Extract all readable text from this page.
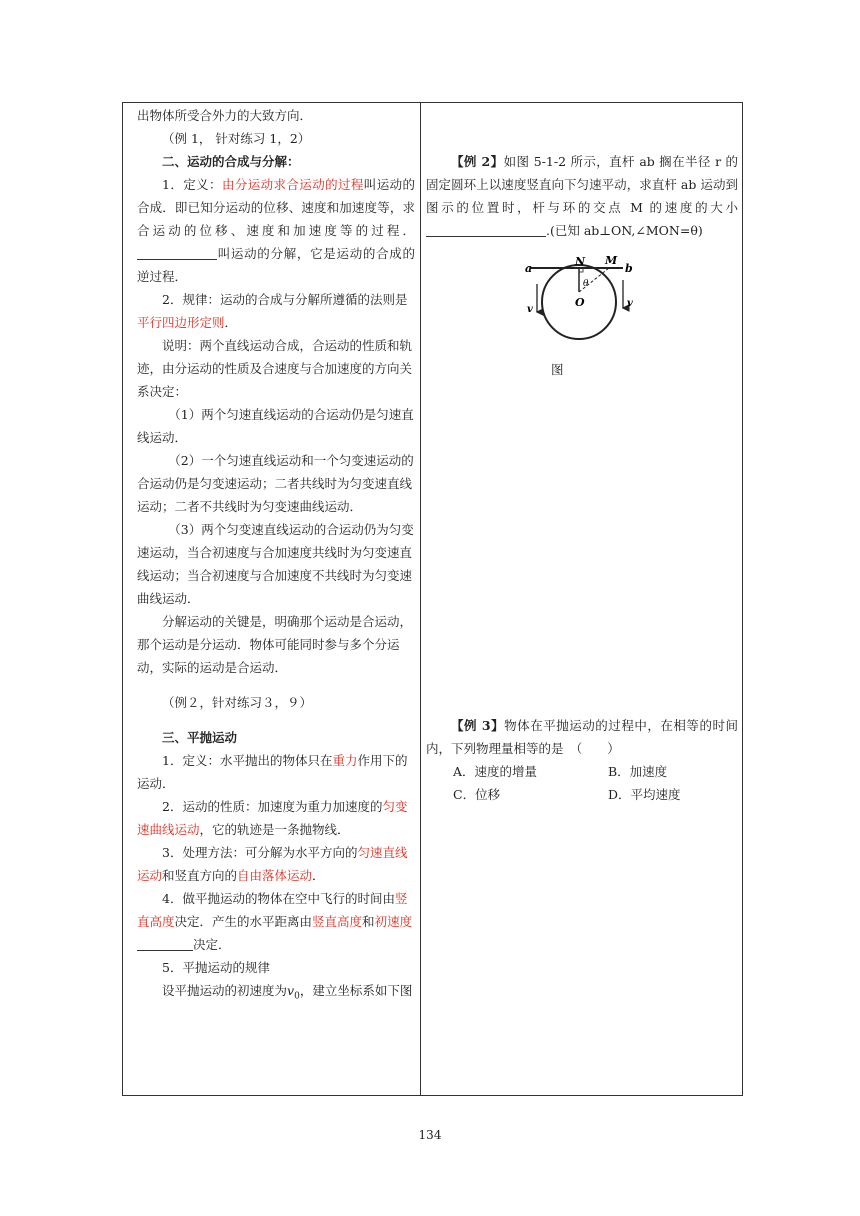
出物体所受合外力的大致方向．

（例 1， 针对练习 1，2）

二、运动的合成与分解：

1．定义：由分运动求合运动的过程叫运动的合成．即已知分运动的位移、速度和加速度等，求合运动的位移、速度和加速度等的过程．叫运动的分解，它是运动的合成的逆过程．

2．规律：运动的合成与分解所遵循的法则是平行四边形定则．

说明：两个直线运动合成，合运动的性质和轨迹，由分运动的性质及合速度与合加速度的方向关系决定：

（1）两个匀速直线运动的合运动仍是匀速直线运动．

（2）一个匀速直线运动和一个匀变速运动的合运动仍是匀变速运动；二者共线时为匀变速直线运动；二者不共线时为匀变速曲线运动．

（3）两个匀变速直线运动的合运动仍为匀变速运动，当合初速度与合加速度共线时为匀变速直线运动；当合初速度与合加速度不共线时为匀变速曲线运动．

分解运动的关键是，明确那个运动是合运动，那个运动是分运动．物体可能同时参与多个分运动，实际的运动是合运动．

（例２，针对练习３，９）

三、平抛运动

1．定义：水平抛出的物体只在重力作用下的运动．

2．运动的性质：加速度为重力加速度的匀变速曲线运动，它的轨迹是一条抛物线．

3．处理方法：可分解为水平方向的匀速直线运动和竖直方向的自由落体运动．

4．做平抛运动的物体在空中飞行的时间由竖直高度决定．产生的水平距离由竖直高度和初速度　决定．

5．平抛运动的规律

设平抛运动的初速度为$v_0$，建立坐标系如下图

【例 2】如图 5-1-2 所示，直杆 ab 搁在半径 r 的固定圆环上以速度竖直向下匀速平动，求直杆 ab 运动到图示的位置时，杆与环的交点 M 的速度的大小.(已知 ab⊥ON,∠MON=θ)

【例 3】物体在平抛运动的过程中，在相等的时间内，下列物理量相等的是　（　　）

A．速度的增量	B．加速度
C．位移	D．平均速度
a	b
N M
O
θ
v
v
图
134
